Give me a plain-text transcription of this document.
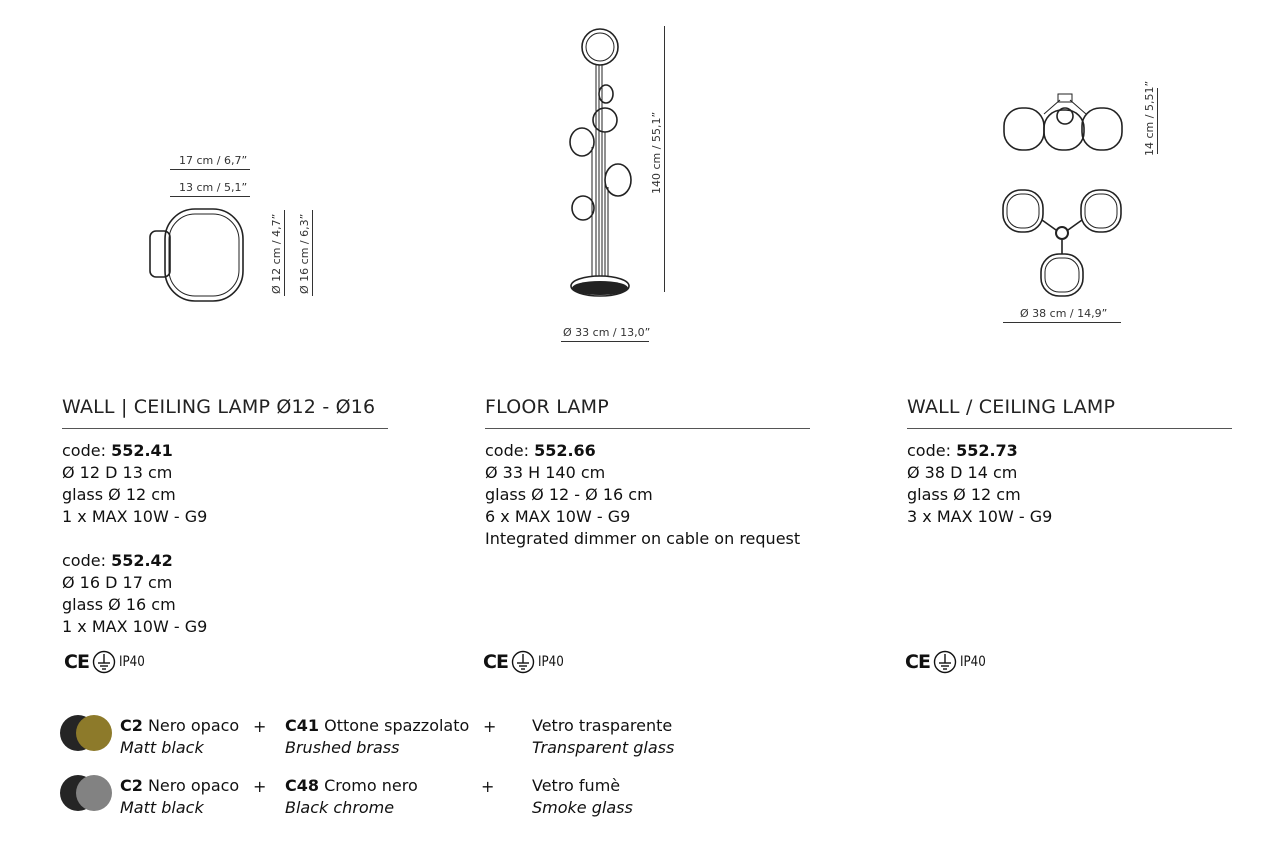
17 cm / 6,7”
13 cm / 5,1”
Ø 12 cm / 4,7” Ø 16 cm / 6,3”
140 cm / 55,1”
Ø 33 cm / 13,0”
14 cm / 5,51”
Ø 38 cm / 14,9”
WALL | CEILING LAMP Ø12 - Ø16
code: 552.41
Ø 12 D 13 cm
glass Ø 12 cm
1 x MAX 10W - G9
code: 552.42
Ø 16 D 17 cm
glass Ø 16 cm
1 x MAX 10W - G9
CE IP40
FLOOR LAMP
code: 552.66
Ø 33 H 140 cm
glass Ø 12 - Ø 16 cm
6 x MAX 10W - G9
Integrated dimmer on cable on request
CE IP40
WALL / CEILING LAMP
code: 552.73
Ø 38 D 14 cm
glass Ø 12 cm
3 x MAX 10W - G9
CE IP40
C2 Nero opaco
Matt black
+ C41 Ottone spazzolato
Brushed brass
+ Vetro trasparente
Transparent glass
C2 Nero opaco
Matt black
+ C48 Cromo nero
Black chrome
+ Vetro fumè
Smoke glass
